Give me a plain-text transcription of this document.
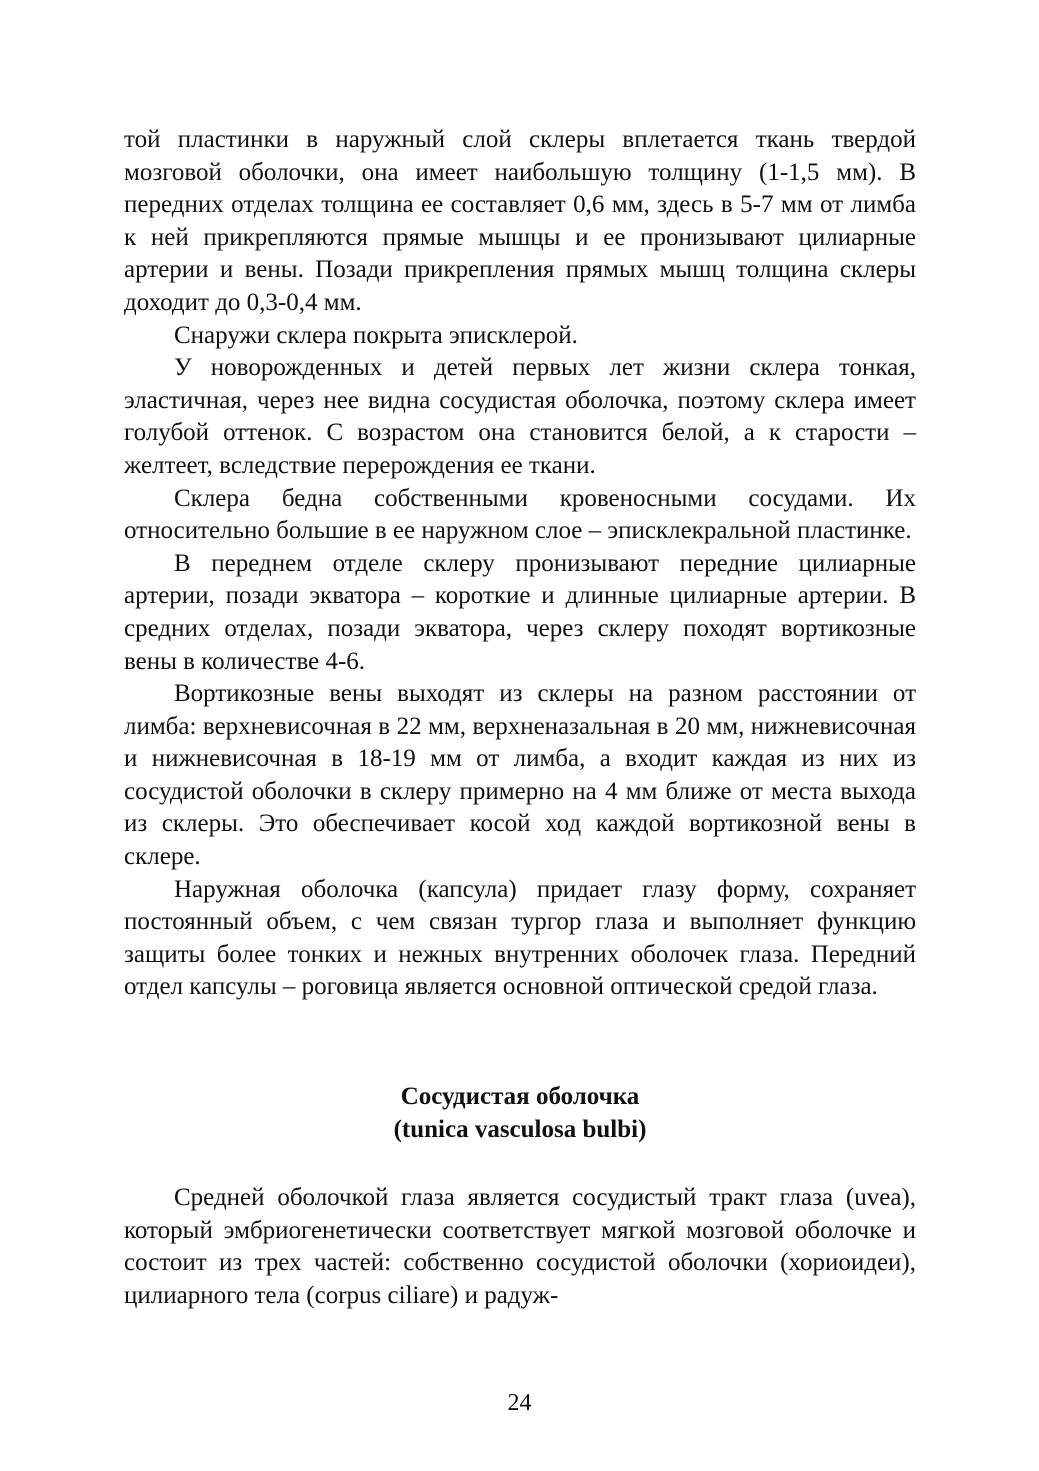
той пластинки в наружный слой склеры вплетается ткань твердой мозговой оболочки, она имеет наибольшую толщину (1-1,5 мм). В передних отделах толщина ее составляет 0,6 мм, здесь в 5-7 мм от лимба к ней прикрепляются прямые мышцы и ее пронизывают цилиарные артерии и вены. Позади прикрепления прямых мышц толщина склеры доходит до 0,3-0,4 мм.

Снаружи склера покрыта эписклерой.

У новорожденных и детей первых лет жизни склера тонкая, эластичная, через нее видна сосудистая оболочка, поэтому склера имеет голубой оттенок. С возрастом она становится белой, а к старости – желтеет, вследствие перерождения ее ткани.

Склера бедна собственными кровеносными сосудами. Их относительно большие в ее наружном слое – эписклекральной пластинке.

В переднем отделе склеру пронизывают передние цилиарные артерии, позади экватора – короткие и длинные цилиарные артерии. В средних отделах, позади экватора, через склеру походят вортикозные вены в количестве 4-6.

Вортикозные вены выходят из склеры на разном расстоянии от лимба: верхневисочная в 22 мм, верхненазальная в 20 мм, нижневисочная и нижневисочная в 18-19 мм от лимба, а входит каждая из них из сосудистой оболочки в склеру примерно на 4 мм ближе от места выхода из склеры. Это обеспечивает косой ход каждой вортикозной вены в склере.

Наружная оболочка (капсула) придает глазу форму, сохраняет постоянный объем, с чем связан тургор глаза и выполняет функцию защиты более тонких и нежных внутренних оболочек глаза. Передний отдел капсулы – роговица является основной оптической средой глаза.

Сосудистая оболочка
(tunica vasculosa bulbi)

Средней оболочкой глаза является сосудистый тракт глаза (uvea), который эмбриогенетически соответствует мягкой мозговой оболочке и состоит из трех частей: собственно сосудистой оболочки (хориоидеи), цилиарного тела (corpus ciliare) и радуж-

24
